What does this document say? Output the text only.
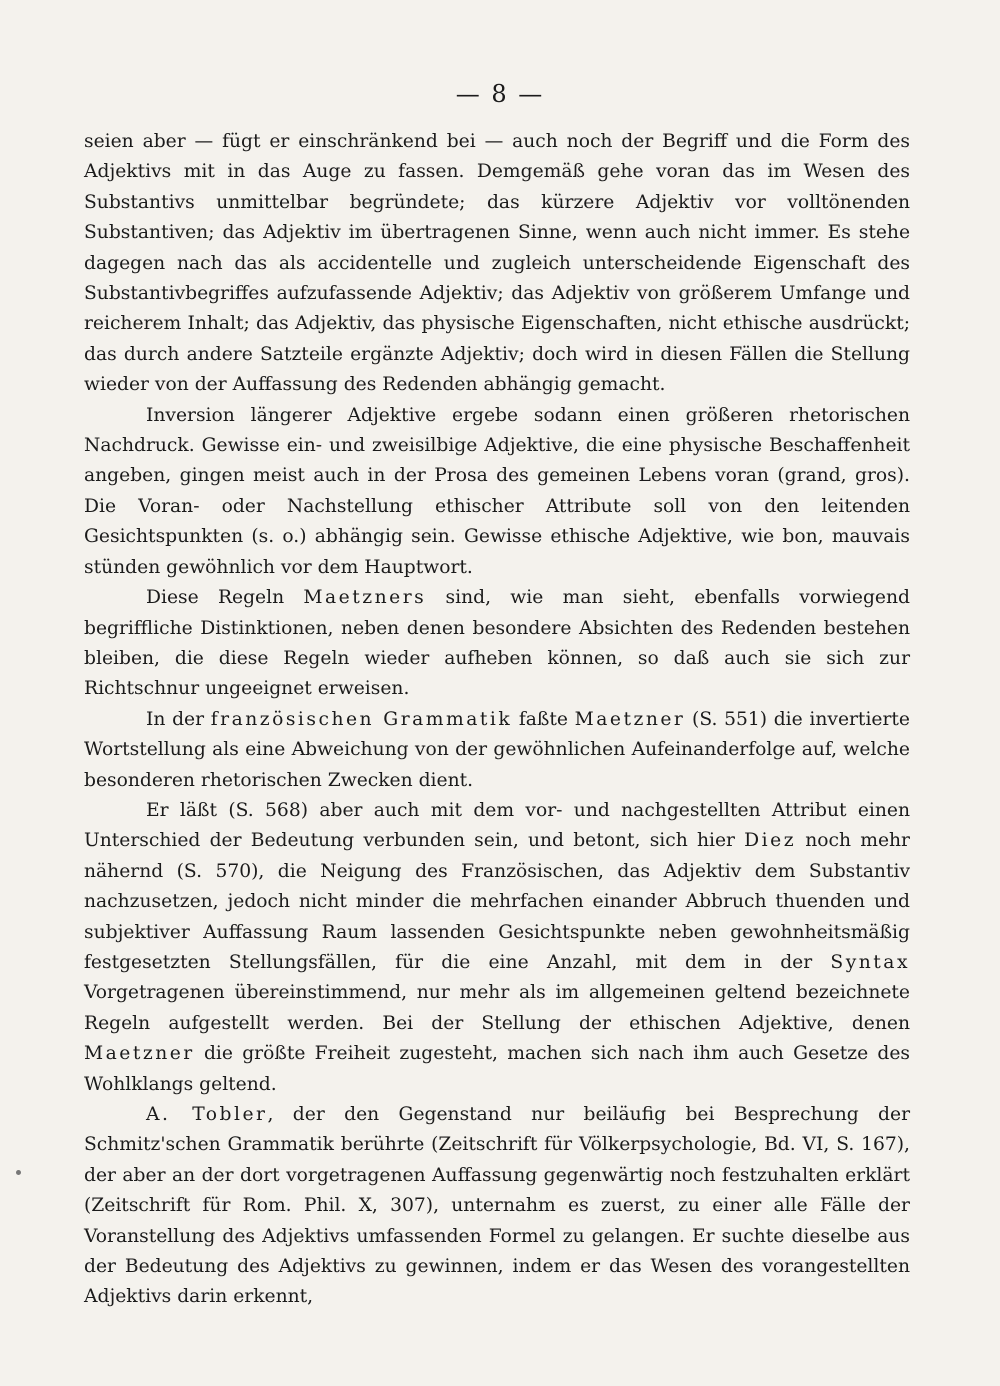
— 8 —

seien aber — fügt er einschränkend bei — auch noch der Begriff und die Form des Adjektivs mit in das Auge zu fassen. Demgemäß gehe voran das im Wesen des Substantivs unmittelbar begründete; das kürzere Adjektiv vor volltönenden Substantiven; das Adjektiv im übertragenen Sinne, wenn auch nicht immer. Es stehe dagegen nach das als accidentelle und zugleich unterscheidende Eigenschaft des Substantivbegriffes aufzufassende Adjektiv; das Adjektiv von größerem Umfange und reicherem Inhalt; das Adjektiv, das physische Eigenschaften, nicht ethische ausdrückt; das durch andere Satzteile ergänzte Adjektiv; doch wird in diesen Fällen die Stellung wieder von der Auffassung des Redenden abhängig gemacht.

Inversion längerer Adjektive ergebe sodann einen größeren rhetorischen Nachdruck. Gewisse ein- und zweisilbige Adjektive, die eine physische Beschaffenheit angeben, gingen meist auch in der Prosa des gemeinen Lebens voran (grand, gros). Die Voran- oder Nachstellung ethischer Attribute soll von den leitenden Gesichtspunkten (s. o.) abhängig sein. Gewisse ethische Adjektive, wie bon, mauvais stünden gewöhnlich vor dem Hauptwort.

Diese Regeln Maetzners sind, wie man sieht, ebenfalls vorwiegend begriffliche Distinktionen, neben denen besondere Absichten des Redenden bestehen bleiben, die diese Regeln wieder aufheben können, so daß auch sie sich zur Richtschnur ungeeignet erweisen.

In der französischen Grammatik faßte Maetzner (S. 551) die invertierte Wortstellung als eine Abweichung von der gewöhnlichen Aufeinanderfolge auf, welche besonderen rhetorischen Zwecken dient.

Er läßt (S. 568) aber auch mit dem vor- und nachgestellten Attribut einen Unterschied der Bedeutung verbunden sein, und betont, sich hier Diez noch mehr nähernd (S. 570), die Neigung des Französischen, das Adjektiv dem Substantiv nachzusetzen, jedoch nicht minder die mehrfachen einander Abbruch thuenden und subjektiver Auffassung Raum lassenden Gesichtspunkte neben gewohnheitsmäßig festgesetzten Stellungsfällen, für die eine Anzahl, mit dem in der Syntax Vorgetragenen übereinstimmend, nur mehr als im allgemeinen geltend bezeichnete Regeln aufgestellt werden. Bei der Stellung der ethischen Adjektive, denen Maetzner die größte Freiheit zugesteht, machen sich nach ihm auch Gesetze des Wohlklangs geltend.

A. Tobler, der den Gegenstand nur beiläufig bei Besprechung der Schmitz'schen Grammatik berührte (Zeitschrift für Völkerpsychologie, Bd. VI, S. 167), der aber an der dort vorgetragenen Auffassung gegenwärtig noch festzuhalten erklärt (Zeitschrift für Rom. Phil. X, 307), unternahm es zuerst, zu einer alle Fälle der Voranstellung des Adjektivs umfassenden Formel zu gelangen. Er suchte dieselbe aus der Bedeutung des Adjektivs zu gewinnen, indem er das Wesen des vorangestellten Adjektivs darin erkennt,
